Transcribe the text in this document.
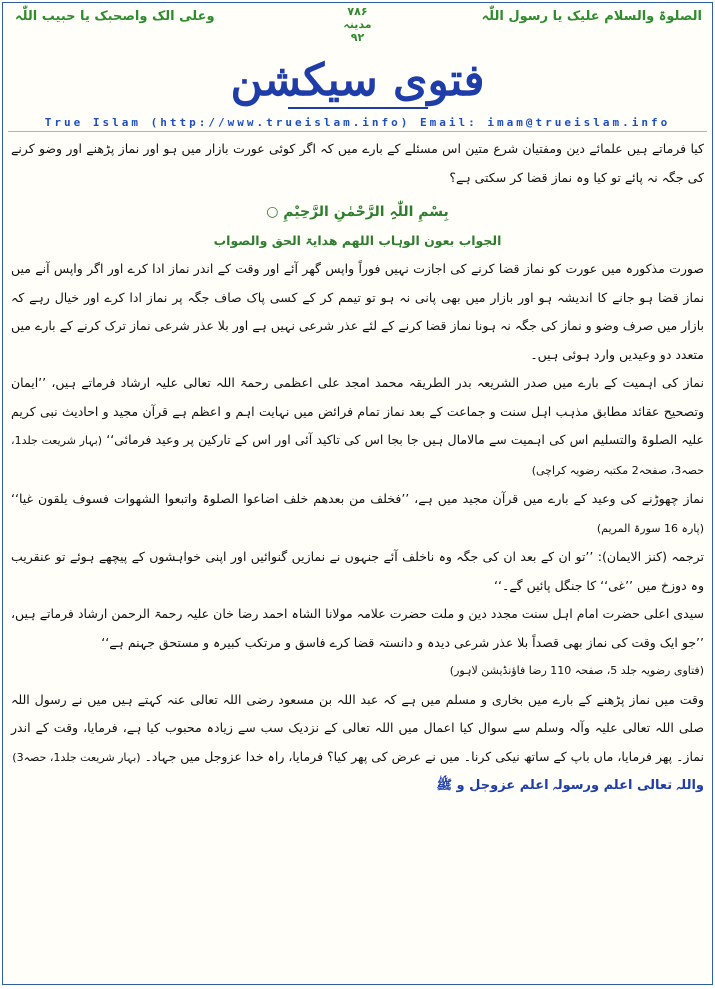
الصلوۃ والسلام علیک یا رسول اللّٰہ
۷۸۶
مدینہ
۹۲
وعلی الک واصحبک یا حبیب اللّٰہ
فتوی سیکشن
True Islam (http://www.trueislam.info) Email: imam@trueislam.info

کیا فرماتے ہیں علمائے دین ومفتیان شرع متین اس مسئلے کے بارے میں کہ اگر کوئی عورت بازار میں ہو اور نماز پڑھنے اور وضو کرنے کی جگہ نہ پائے تو کیا وہ نماز قضا کر سکتی ہے؟

بِسْمِ اللّٰہِ الرَّحْمٰنِ الرَّحِیْمِ ○

الجواب بعون الوہاب اللھم ھدایۃ الحق والصواب

صورت مذکورہ میں عورت کو نماز قضا کرنے کی اجازت نہیں فوراً واپس گھر آئے اور وقت کے اندر نماز ادا کرے اور اگر واپس آنے میں نماز قضا ہو جانے کا اندیشہ ہو اور بازار میں بھی پانی نہ ہو تو تیمم کر کے کسی پاک صاف جگہ پر نماز ادا کرے اور خیال رہے کہ بازار میں صرف وضو و نماز کی جگہ نہ ہونا نماز قضا کرنے کے لئے عذر شرعی نہیں ہے اور بلا عذر شرعی نماز ترک کرنے کے بارے میں متعدد دو وعیدیں وارد ہوئی ہیں۔

نماز کی اہمیت کے بارے میں صدر الشریعہ بدر الطریقہ محمد امجد علی اعظمی رحمۃ اللہ تعالی علیہ ارشاد فرماتے ہیں، ’’ایمان وتصحیح عقائد مطابق مذہب اہل سنت و جماعت کے بعد نماز تمام فرائض میں نہایت اہم و اعظم ہے قرآن مجید و احادیث نبی کریم علیہ الصلوۃ والتسلیم اس کی اہمیت سے مالامال ہیں جا بجا اس کی تاکید آئی اور اس کے تارکین پر وعید فرمائی‘‘ (بہار شریعت جلد1، حصہ3، صفحہ2 مکتبہ رضویہ کراچی)

نماز چھوڑنے کی وعید کے بارے میں قرآن مجید میں ہے، ’’فخلف من بعدھم خلف اضاعوا الصلوۃ واتبعوا الشھوات فسوف یلقون غیا‘‘ (پارہ 16 سورۃ المریم)

ترجمہ (کنز الایمان): ’’تو ان کے بعد ان کی جگہ وہ ناخلف آئے جنہوں نے نمازیں گنوائیں اور اپنی خواہشوں کے پیچھے ہوئے تو عنقریب وہ دوزخ میں ’’غی‘‘ کا جنگل پائیں گے۔‘‘

سیدی اعلی حضرت امام اہل سنت مجدد دین و ملت حضرت علامہ مولانا الشاہ احمد رضا خان علیہ رحمۃ الرحمن ارشاد فرماتے ہیں، ’’جو ایک وقت کی نماز بھی قصداً بلا عذر شرعی دیدہ و دانستہ قضا کرے فاسق و مرتکب کبیرہ و مستحق جہنم ہے‘‘

(فتاوی رضویہ جلد 5، صفحہ 110 رضا فاؤنڈیشن لاہور)

وقت میں نماز پڑھنے کے بارے میں بخاری و مسلم میں ہے کہ عبد اللہ بن مسعود رضی اللہ تعالی عنہ کہتے ہیں میں نے رسول اللہ صلی اللہ تعالی علیہ وآلہ وسلم سے سوال کیا اعمال میں اللہ تعالی کے نزدیک سب سے زیادہ محبوب کیا ہے، فرمایا، وقت کے اندر نماز۔ پھر فرمایا، ماں باپ کے ساتھ نیکی کرنا۔ میں نے عرض کی پھر کیا؟ فرمایا، راہ خدا عزوجل میں جہاد۔ (بہار شریعت جلد1، حصہ3)

واللہ تعالی اعلم ورسولہ اعلم عزوجل و ﷺ
